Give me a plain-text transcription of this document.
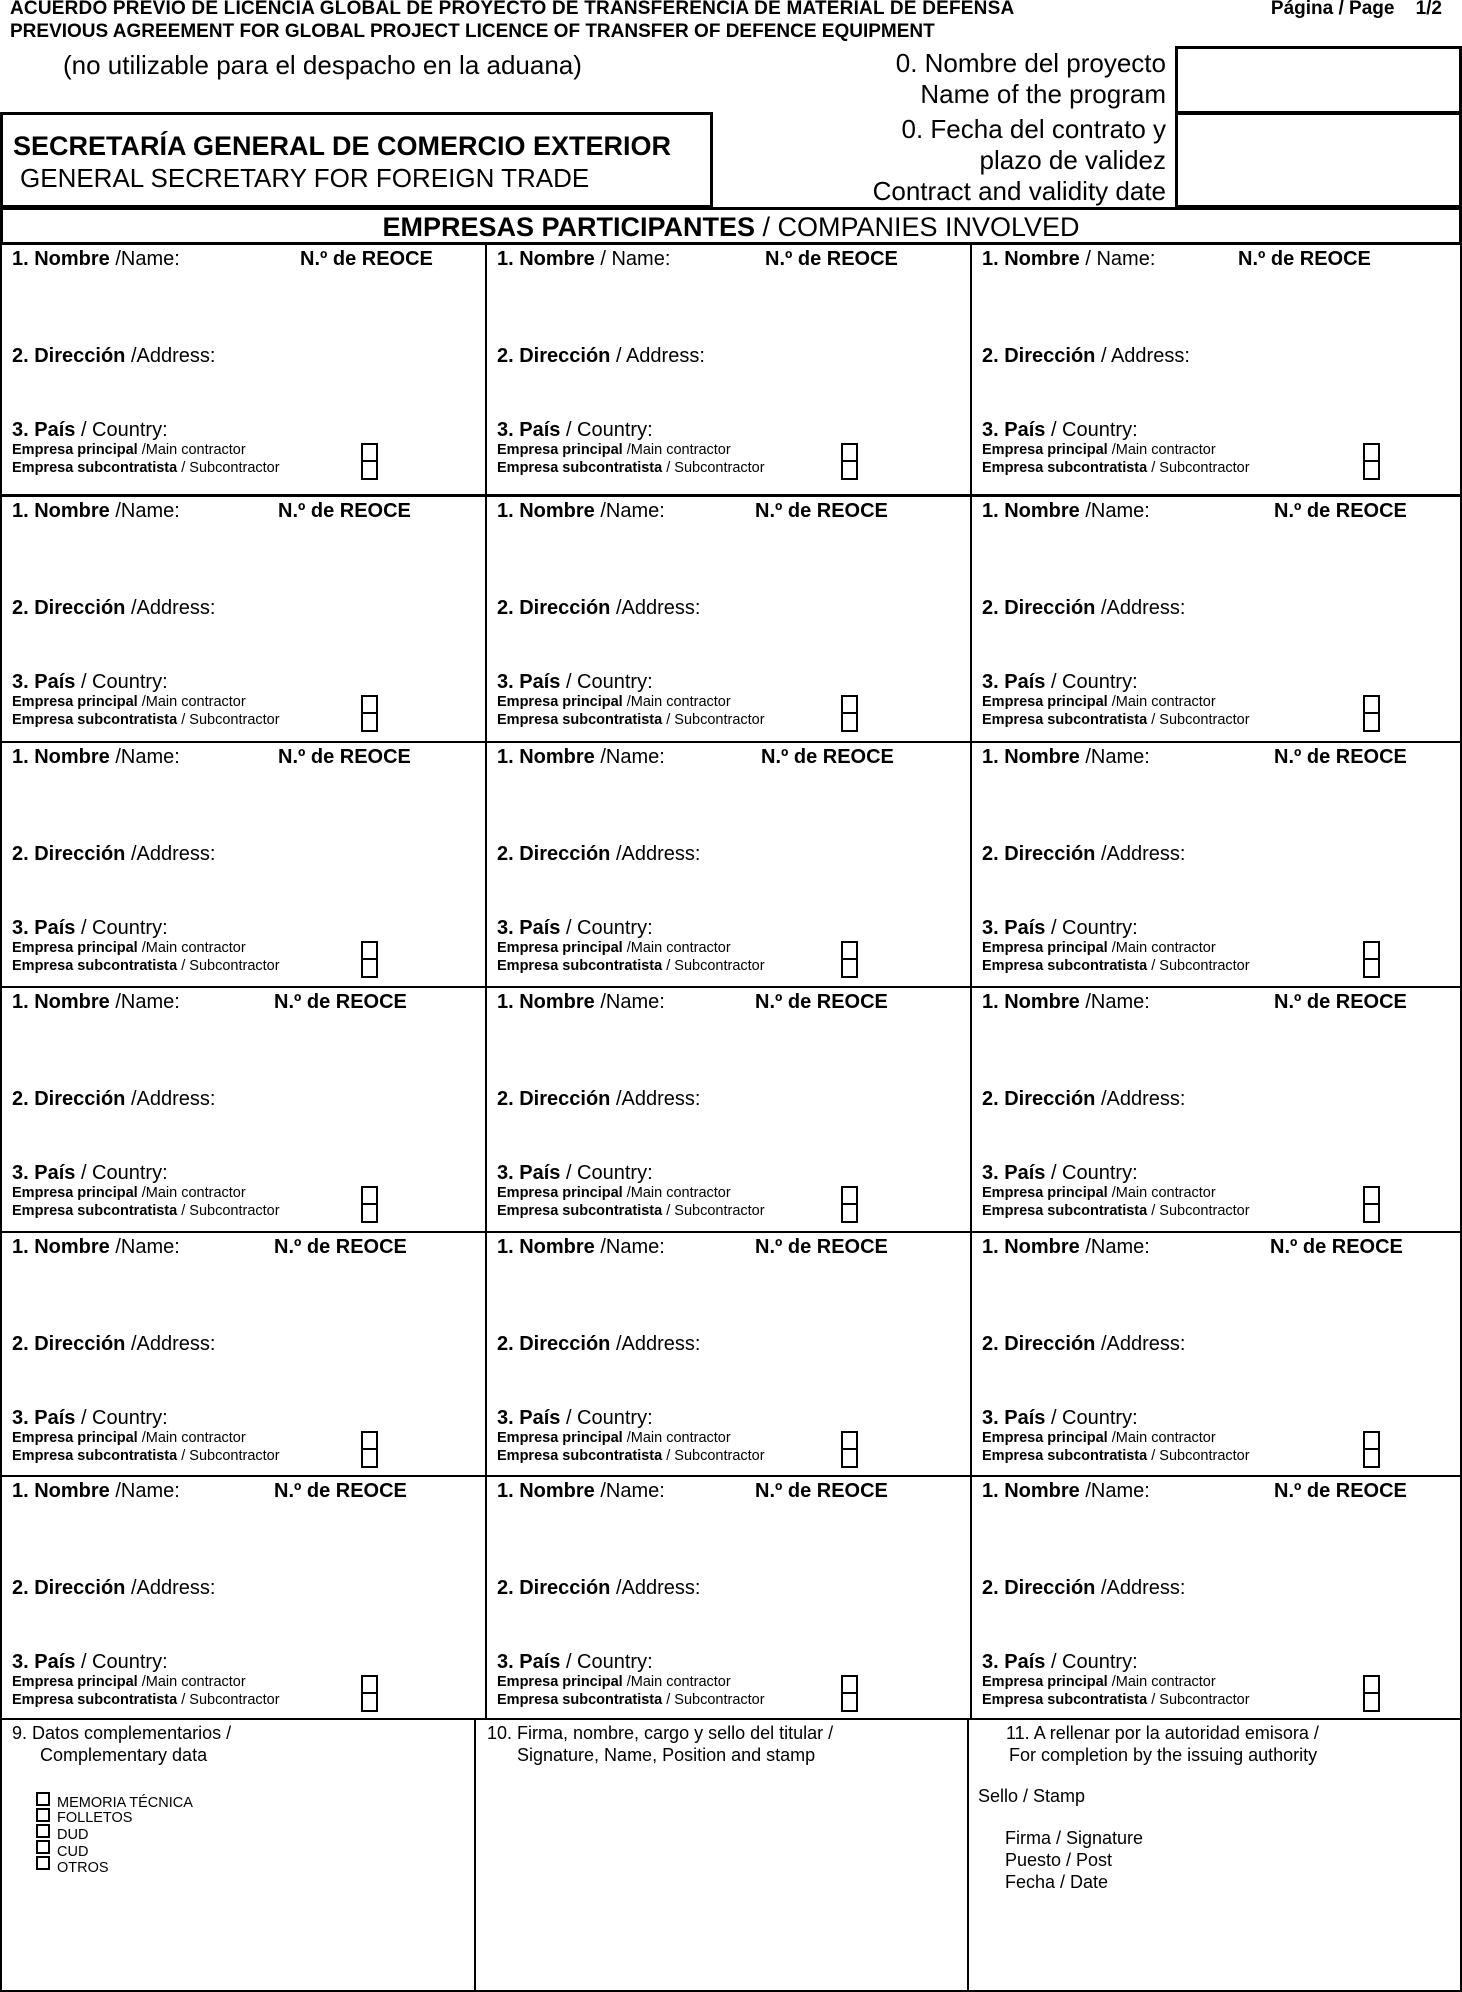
ACUERDO PREVIO DE LICENCIA GLOBAL DE PROYECTO DE TRANSFERENCIA DE MATERIAL DE DEFENSA
PREVIOUS AGREEMENT FOR GLOBAL PROJECT LICENCE OF TRANSFER OF DEFENCE EQUIPMENT
Página / Page 1/2
(no utilizable para el despacho en la aduana)	0. Nombre del proyecto
Name of the program
0. Fecha del contrato y
plazo de validez
Contract and validity date
SECRETARÍA GENERAL DE COMERCIO EXTERIOR
GENERAL SECRETARY FOR FOREIGN TRADE
EMPRESAS PARTICIPANTES / COMPANIES INVOLVED
1. Nombre /Name:	N.º de REOCE
2. Dirección /Address:
3. País / Country:
Empresa principal /Main contractor
Empresa subcontratista / Subcontractor
1. Nombre / Name:	N.º de REOCE
2. Dirección / Address:
3. País / Country:
Empresa principal /Main contractor
Empresa subcontratista / Subcontractor
1. Nombre / Name:	N.º de REOCE
2. Dirección / Address:
3. País / Country:
Empresa principal /Main contractor
Empresa subcontratista / Subcontractor
1. Nombre /Name:	N.º de REOCE
2. Dirección /Address:
3. País / Country:
Empresa principal /Main contractor
Empresa subcontratista / Subcontractor
1. Nombre /Name:	N.º de REOCE
2. Dirección /Address:
3. País / Country:
Empresa principal /Main contractor
Empresa subcontratista / Subcontractor
1. Nombre /Name:	N.º de REOCE
2. Dirección /Address:
3. País / Country:
Empresa principal /Main contractor
Empresa subcontratista / Subcontractor
1. Nombre /Name:	N.º de REOCE
2. Dirección /Address:
3. País / Country:
Empresa principal /Main contractor
Empresa subcontratista / Subcontractor
1. Nombre /Name:	N.º de REOCE
2. Dirección /Address:
3. País / Country:
Empresa principal /Main contractor
Empresa subcontratista / Subcontractor
1. Nombre /Name:	N.º de REOCE
2. Dirección /Address:
3. País / Country:
Empresa principal /Main contractor
Empresa subcontratista / Subcontractor
1. Nombre /Name:	N.º de REOCE
2. Dirección /Address:
3. País / Country:
Empresa principal /Main contractor
Empresa subcontratista / Subcontractor
1. Nombre /Name:	N.º de REOCE
2. Dirección /Address:
3. País / Country:
Empresa principal /Main contractor
Empresa subcontratista / Subcontractor
1. Nombre /Name:	N.º de REOCE
2. Dirección /Address:
3. País / Country:
Empresa principal /Main contractor
Empresa subcontratista / Subcontractor
1. Nombre /Name:	N.º de REOCE
2. Dirección /Address:
3. País / Country:
Empresa principal /Main contractor
Empresa subcontratista / Subcontractor
1. Nombre /Name:	N.º de REOCE
2. Dirección /Address:
3. País / Country:
Empresa principal /Main contractor
Empresa subcontratista / Subcontractor
1. Nombre /Name:	N.º de REOCE
2. Dirección /Address:
3. País / Country:
Empresa principal /Main contractor
Empresa subcontratista / Subcontractor
1. Nombre /Name:	N.º de REOCE
2. Dirección /Address:
3. País / Country:
Empresa principal /Main contractor
Empresa subcontratista / Subcontractor
1. Nombre /Name:	N.º de REOCE
2. Dirección /Address:
3. País / Country:
Empresa principal /Main contractor
Empresa subcontratista / Subcontractor
1. Nombre /Name:	N.º de REOCE
2. Dirección /Address:
3. País / Country:
Empresa principal /Main contractor
Empresa subcontratista / Subcontractor
9. Datos complementarios /
Complementary data
MEMORIA TÉCNICA
FOLLETOS
DUD
CUD
OTROS
10. Firma, nombre, cargo y sello del titular /
Signature, Name, Position and stamp
11. A rellenar por la autoridad emisora /
For completion by the issuing authority
Sello / Stamp
Firma / Signature
Puesto / Post
Fecha / Date
